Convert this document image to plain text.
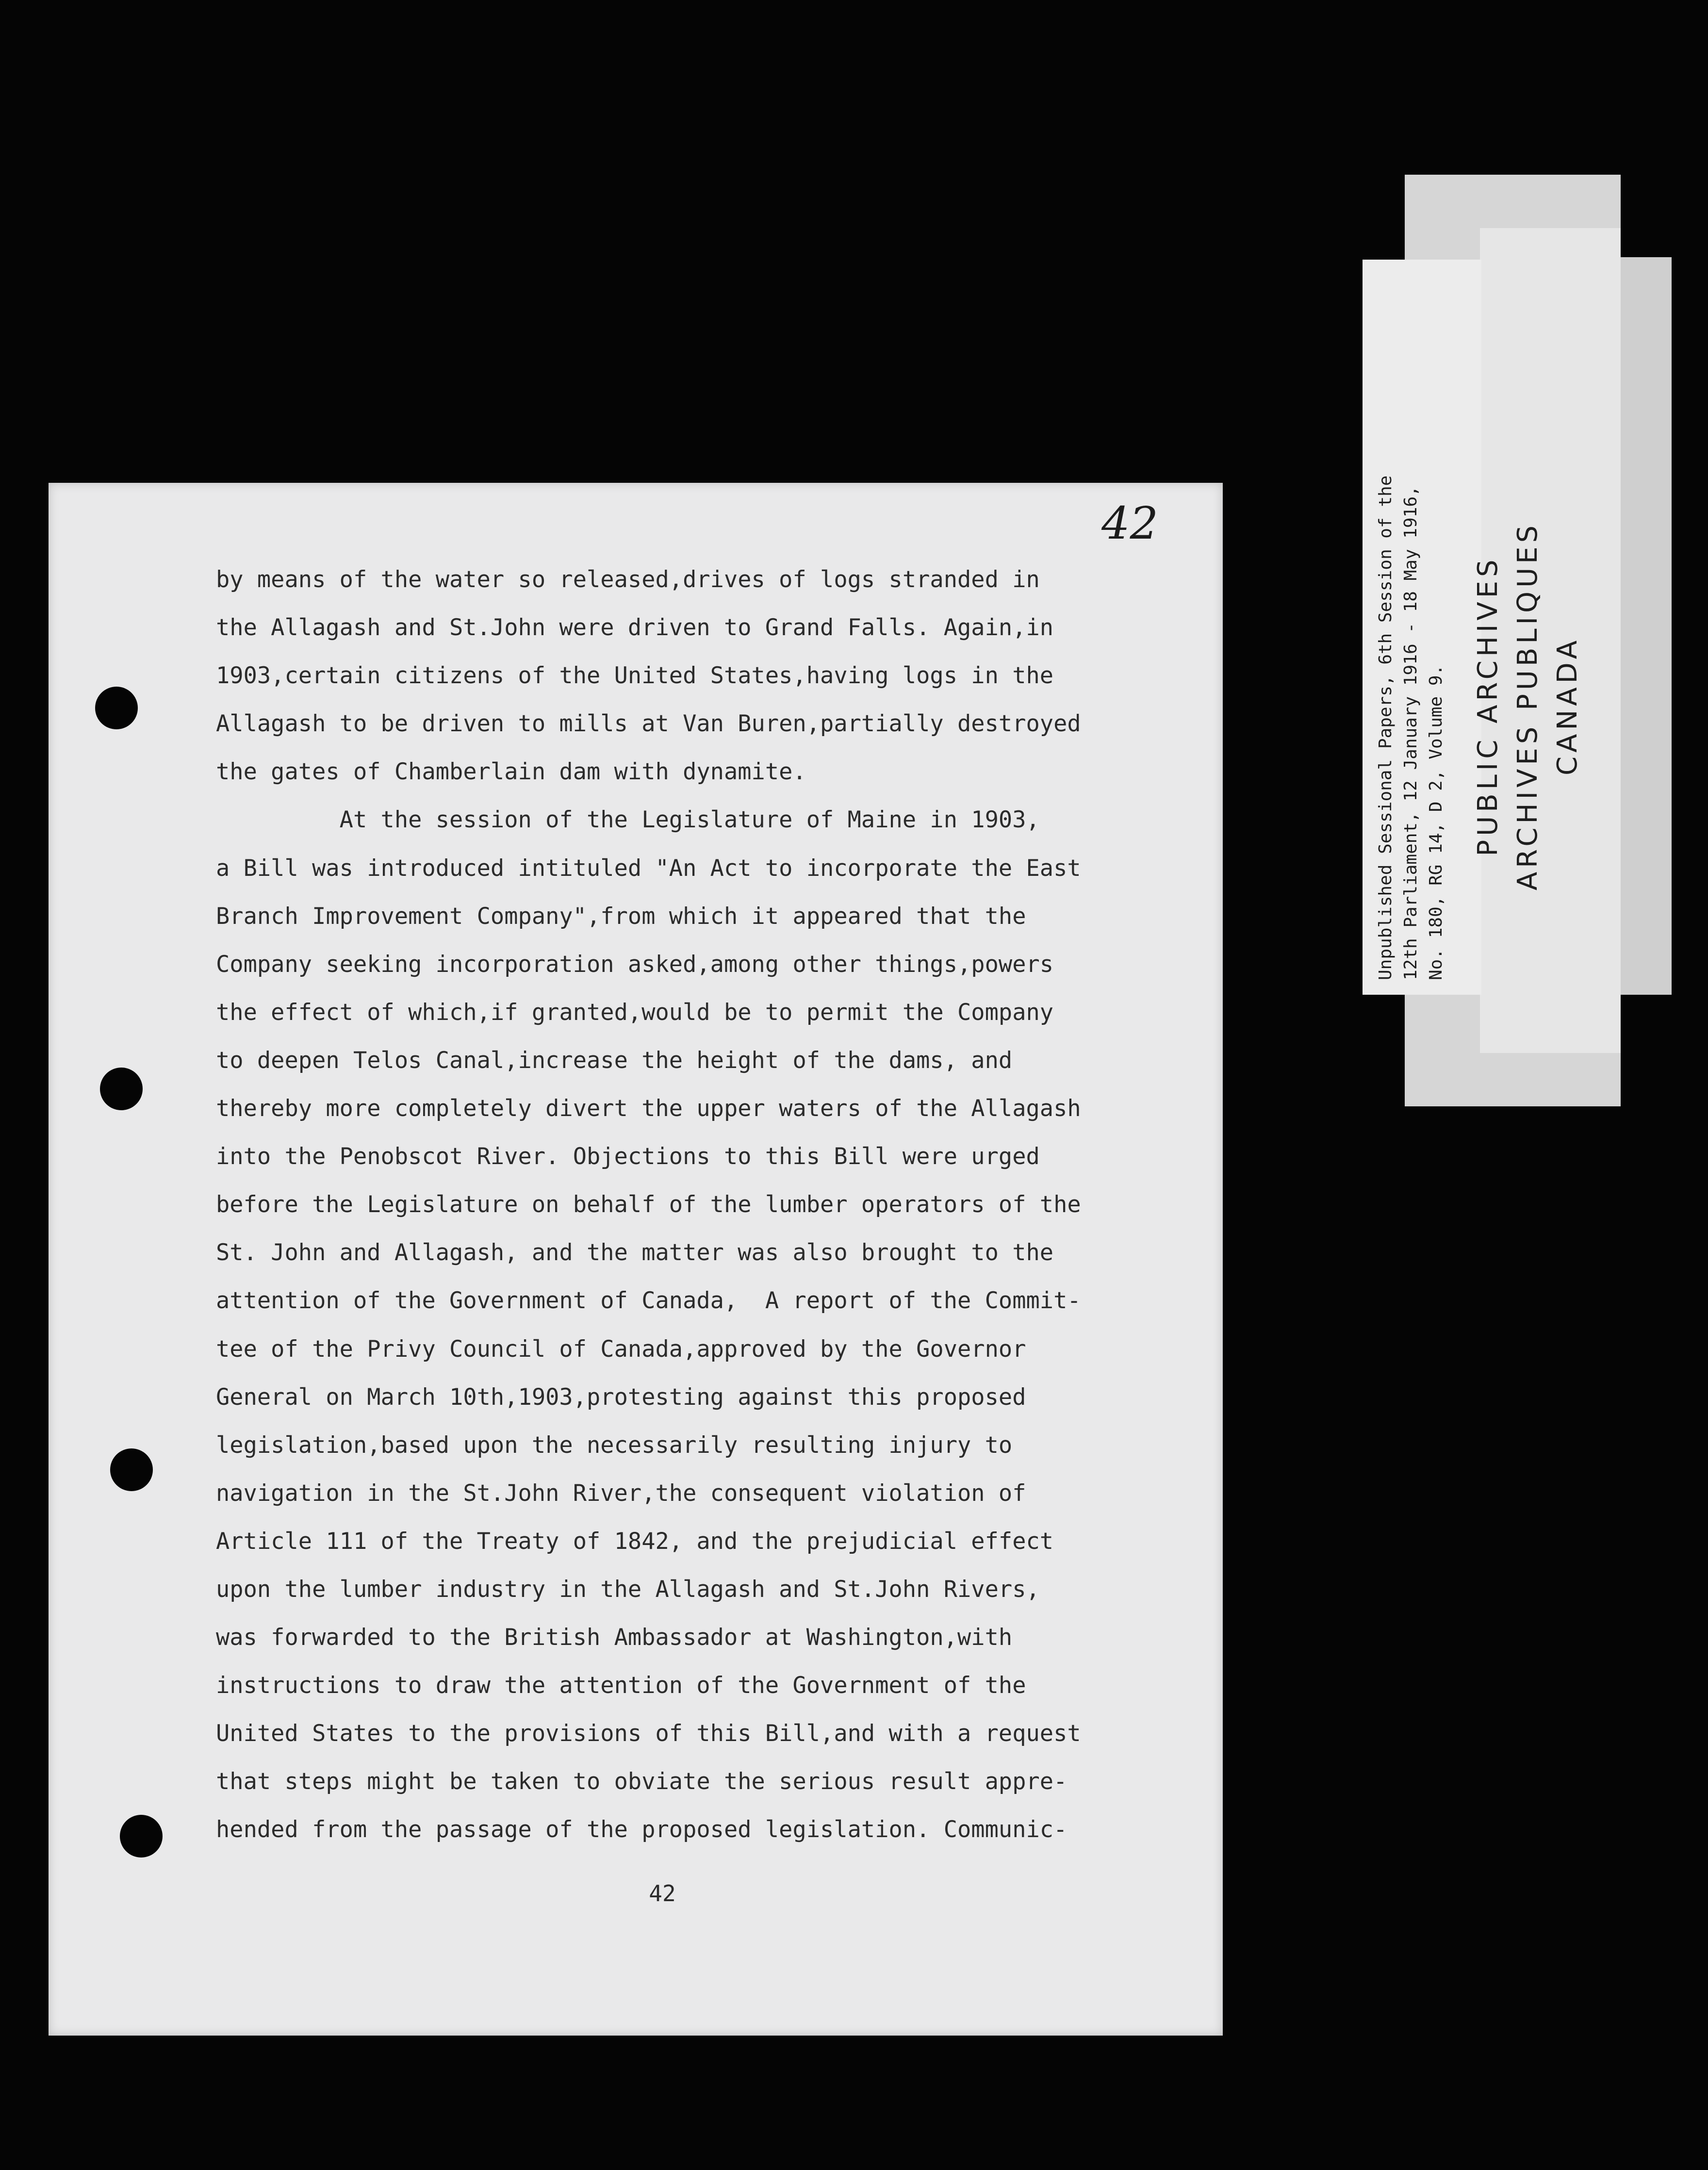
Unpublished Sessional Papers, 6th Session of the 12th Parliament, 12 January 1916 - 18 May 1916, No. 180, RG 14, D 2, Volume 9. PUBLIC ARCHIVES ARCHIVES PUBLIQUES CANADA
42
by means of the water so released,drives of logs stranded in
the Allagash and St.John were driven to Grand Falls. Again,in
1903,certain citizens of the United States,having logs in the
Allagash to be driven to mills at Van Buren,partially destroyed
the gates of Chamberlain dam with dynamite.
At the session of the Legislature of Maine in 1903,
a Bill was introduced intituled "An Act to incorporate the East
Branch Improvement Company",from which it appeared that the
Company seeking incorporation asked,among other things,powers
the effect of which,if granted,would be to permit the Company
to deepen Telos Canal,increase the height of the dams, and
thereby more completely divert the upper waters of the Allagash
into the Penobscot River. Objections to this Bill were urged
before the Legislature on behalf of the lumber operators of the
St. John and Allagash, and the matter was also brought to the
attention of the Government of Canada,  A report of the Commit-
tee of the Privy Council of Canada,approved by the Governor
General on March 10th,1903,protesting against this proposed
legislation,based upon the necessarily resulting injury to
navigation in the St.John River,the consequent violation of
Article 111 of the Treaty of 1842, and the prejudicial effect
upon the lumber industry in the Allagash and St.John Rivers,
was forwarded to the British Ambassador at Washington,with
instructions to draw the attention of the Government of the
United States to the provisions of this Bill,and with a request
that steps might be taken to obviate the serious result appre-
hended from the passage of the proposed legislation. Communic-
42
